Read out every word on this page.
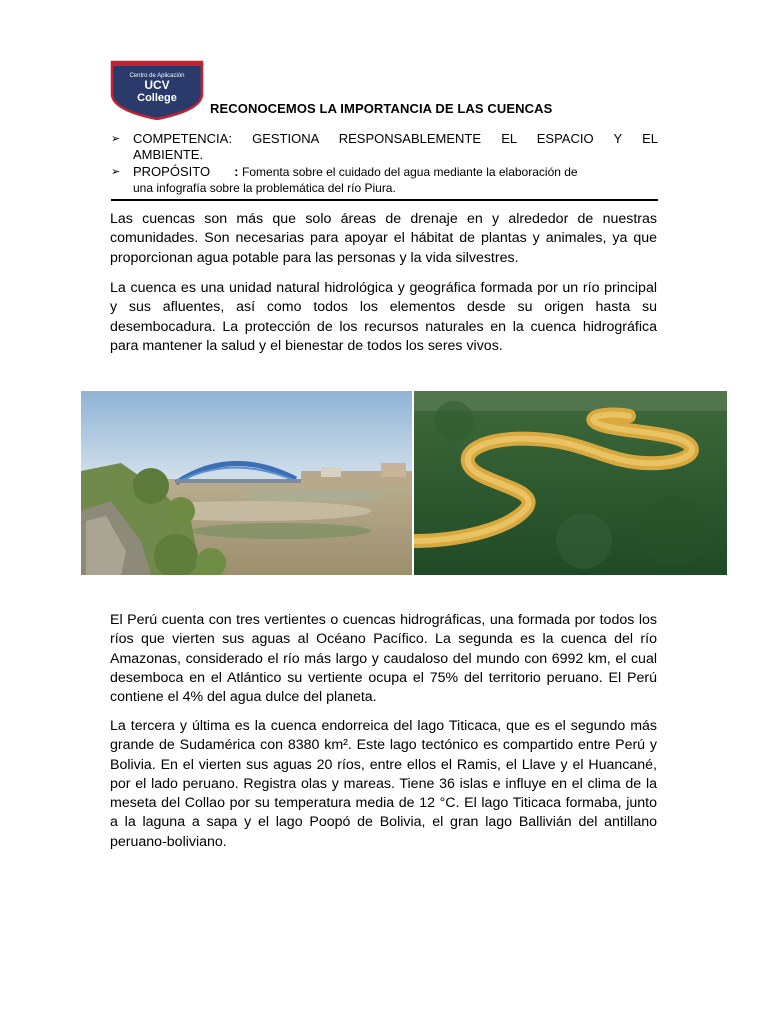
Centro de Aplicación
UCV
College
RECONOCEMOS LA IMPORTANCIA DE LAS CUENCAS
➢ COMPETENCIA: GESTIONA RESPONSABLEMENTE EL ESPACIO Y EL
AMBIENTE.
➢ PROPÓSITO : Fomenta sobre el cuidado del agua mediante la elaboración de
una infografía sobre la problemática del río Piura.
Las cuencas son más que solo áreas de drenaje en y alrededor de nuestras comunidades. Son necesarias para apoyar el hábitat de plantas y animales, ya que proporcionan agua potable para las personas y la vida silvestres.
La cuenca es una unidad natural hidrológica y geográfica formada por un río principal y sus afluentes, así como todos los elementos desde su origen hasta su desembocadura. La protección de los recursos naturales en la cuenca hidrográfica para mantener la salud y el bienestar de todos los seres vivos.
El Perú cuenta con tres vertientes o cuencas hidrográficas, una formada por todos los ríos que vierten sus aguas al Océano Pacífico. La segunda es la cuenca del río Amazonas, considerado el río más largo y caudaloso del mundo con 6992 km, el cual desemboca en el Atlántico su vertiente ocupa el 75% del territorio peruano. El Perú contiene el 4% del agua dulce del planeta.
La tercera y última es la cuenca endorreica del lago Titicaca, que es el segundo más grande de Sudamérica con 8380 km². Este lago tectónico es compartido entre Perú y Bolivia. En el vierten sus aguas 20 ríos, entre ellos el Ramis, el Llave y el Huancané, por el lado peruano. Registra olas y mareas. Tiene 36 islas e influye en el clima de la meseta del Collao por su temperatura media de 12 °C. El lago Titicaca formaba, junto a la laguna a sapa y el lago Poopó de Bolivia, el gran lago Ballivián del antillano peruano-boliviano.
